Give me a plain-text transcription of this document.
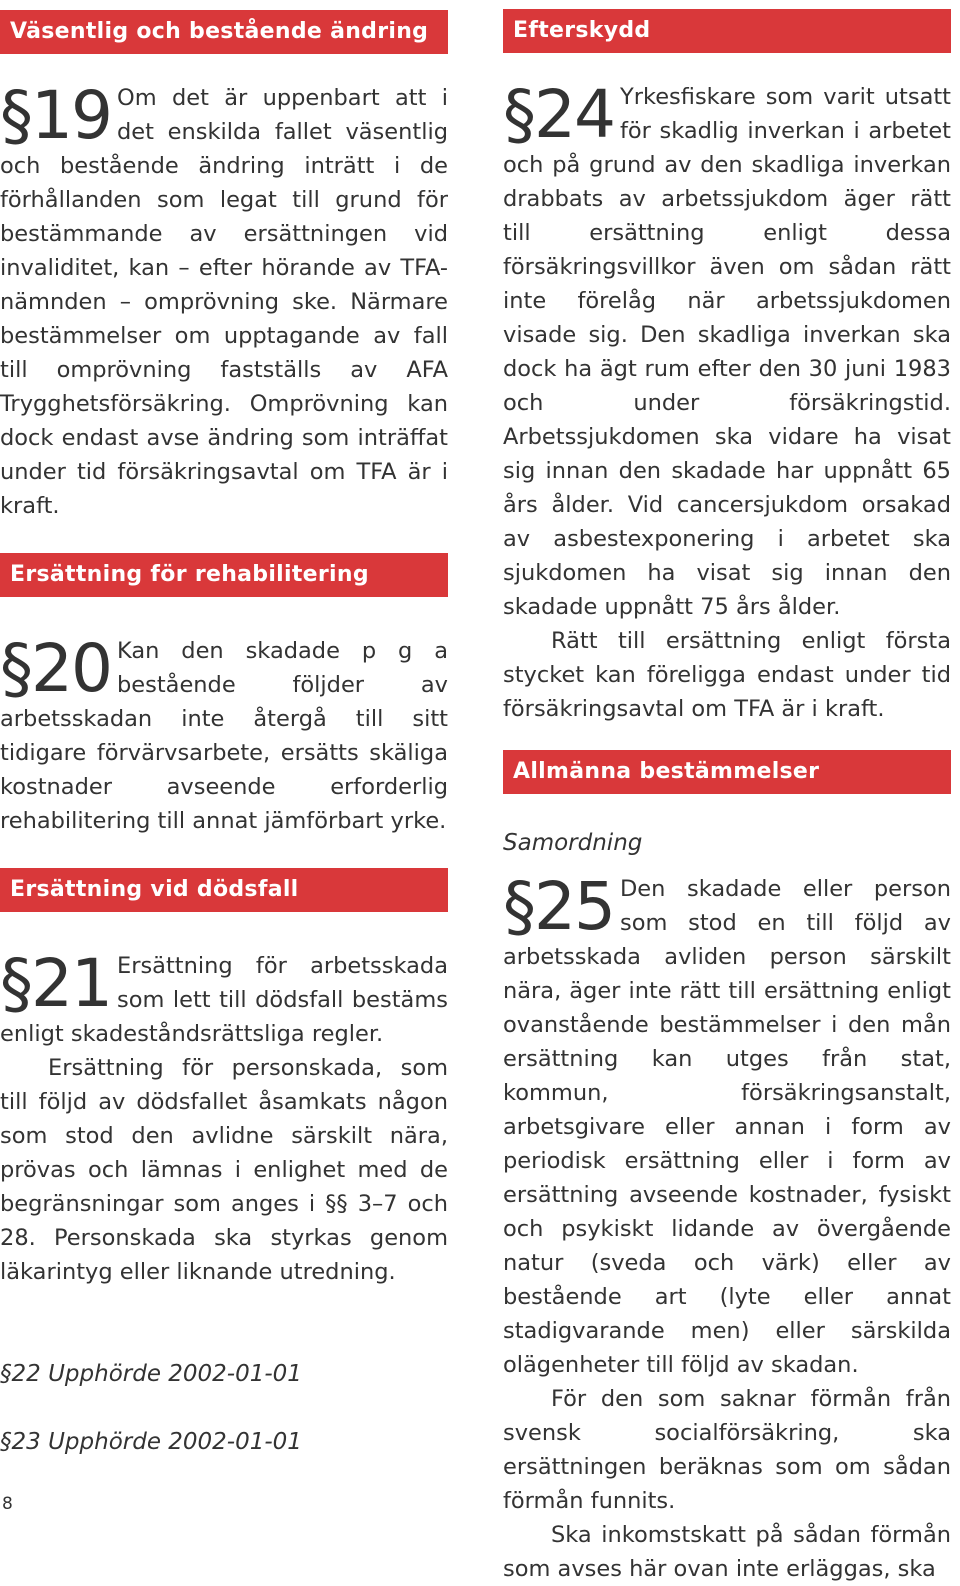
Väsentlig och bestående ändring
§19 Om det är uppenbart att i det enskilda fallet väsentlig och bestående ändring inträtt i de förhållanden som legat till grund för bestämmande av ersättningen vid invaliditet, kan – efter hörande av TFA-nämnden – omprövning ske. Närmare bestämmelser om upptagande av fall till omprövning fastställs av AFA Trygghetsförsäkring. Omprövning kan dock endast avse ändring som inträffat under tid försäkringsavtal om TFA är i kraft.

Ersättning för rehabilitering
§20 Kan den skadade p g a bestående följder av arbetsskadan inte återgå till sitt tidigare förvärvsarbete, ersätts skäliga kostnader avseende erforderlig rehabilitering till annat jämförbart yrke.

Ersättning vid dödsfall
§21 Ersättning för arbetsskada som lett till dödsfall bestäms enligt skadeståndsrättsliga regler.

Ersättning för personskada, som till följd av dödsfallet åsamkats någon som stod den avlidne särskilt nära, prövas och lämnas i enlighet med de begränsningar som anges i §§ 3–7 och 28. Personskada ska styrkas genom läkarintyg eller liknande utredning.

§22 Upphörde 2002-01-01

§23 Upphörde 2002-01-01

Efterskydd
§24 Yrkesfiskare som varit utsatt för skadlig inverkan i arbetet och på grund av den skadliga inverkan drabbats av arbetssjukdom äger rätt till ersättning enligt dessa försäkringsvillkor även om sådan rätt inte förelåg när arbetssjukdomen visade sig. Den skadliga inverkan ska dock ha ägt rum efter den 30 juni 1983 och under försäkringstid. Arbetssjukdomen ska vidare ha visat sig innan den skadade har uppnått 65 års ålder. Vid cancersjukdom orsakad av asbestexponering i arbetet ska sjukdomen ha visat sig innan den skadade uppnått 75 års ålder.

Rätt till ersättning enligt första stycket kan föreligga endast under tid försäkringsavtal om TFA är i kraft.

Allmänna bestämmelser

Samordning

§25 Den skadade eller person som stod en till följd av arbetsskada avliden person särskilt nära, äger inte rätt till ersättning enligt ovanstående bestämmelser i den mån ersättning kan utges från stat, kommun, försäkringsanstalt, arbetsgivare eller annan i form av periodisk ersättning eller i form av ersättning avseende kostnader, fysiskt och psykiskt lidande av övergående natur (sveda och värk) eller av bestående art (lyte eller annat stadigvarande men) eller särskilda olägenheter till följd av skadan.

För den som saknar förmån från svensk socialförsäkring, ska ersättningen beräknas som om sådan förmån funnits.

Ska inkomstskatt på sådan förmån som avses här ovan inte erläggas, ska

8
